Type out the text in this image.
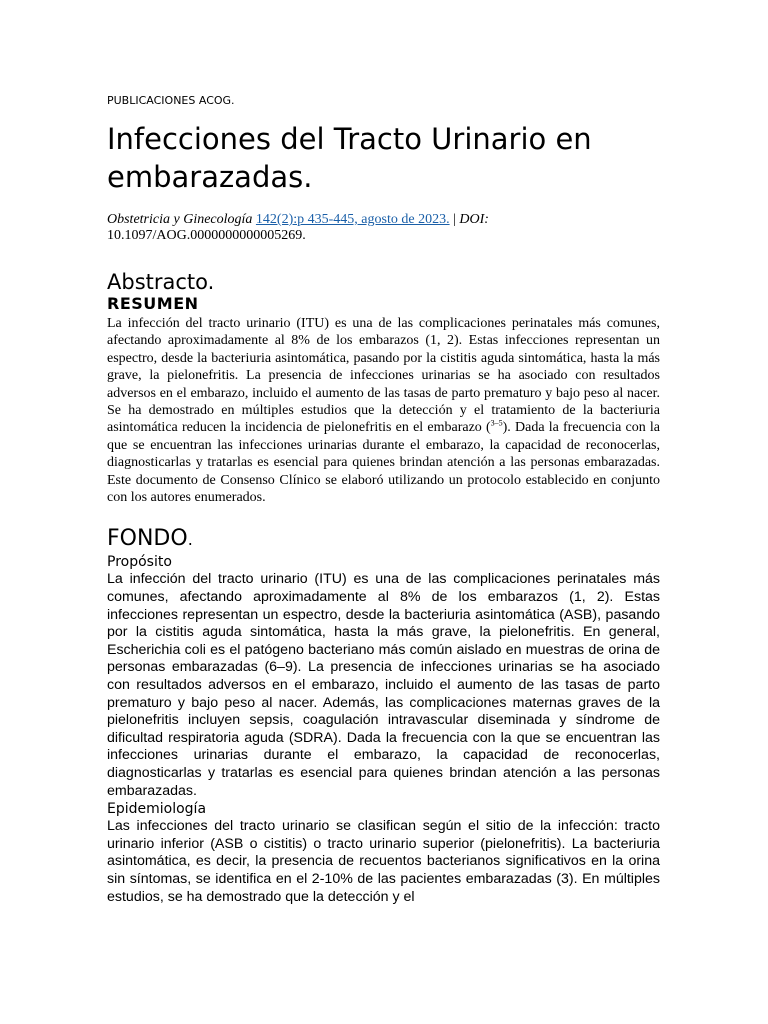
PUBLICACIONES ACOG.
Infecciones del Tracto Urinario en embarazadas.
Obstetricia y Ginecología 142(2):p 435-445, agosto de 2023. | DOI: 10.1097/AOG.0000000000005269.
Abstracto.
RESUMEN

La infección del tracto urinario (ITU) es una de las complicaciones perinatales más comunes, afectando aproximadamente al 8% de los embarazos (1, 2). Estas infecciones representan un espectro, desde la bacteriuria asintomática, pasando por la cistitis aguda sintomática, hasta la más grave, la pielonefritis. La presencia de infecciones urinarias se ha asociado con resultados adversos en el embarazo, incluido el aumento de las tasas de parto prematuro y bajo peso al nacer. Se ha demostrado en múltiples estudios que la detección y el tratamiento de la bacteriuria asintomática reducen la incidencia de pielonefritis en el embarazo ($^{3-5}$). Dada la frecuencia con la que se encuentran las infecciones urinarias durante el embarazo, la capacidad de reconocerlas, diagnosticarlas y tratarlas es esencial para quienes brindan atención a las personas embarazadas. Este documento de Consenso Clínico se elaboró utilizando un protocolo establecido en conjunto con los autores enumerados.

FONDO.
Propósito

La infección del tracto urinario (ITU) es una de las complicaciones perinatales más comunes, afectando aproximadamente al 8% de los embarazos (1, 2). Estas infecciones representan un espectro, desde la bacteriuria asintomática (ASB), pasando por la cistitis aguda sintomática, hasta la más grave, la pielonefritis. En general, Escherichia coli es el patógeno bacteriano más común aislado en muestras de orina de personas embarazadas (6–9). La presencia de infecciones urinarias se ha asociado con resultados adversos en el embarazo, incluido el aumento de las tasas de parto prematuro y bajo peso al nacer. Además, las complicaciones maternas graves de la pielonefritis incluyen sepsis, coagulación intravascular diseminada y síndrome de dificultad respiratoria aguda (SDRA). Dada la frecuencia con la que se encuentran las infecciones urinarias durante el embarazo, la capacidad de reconocerlas, diagnosticarlas y tratarlas es esencial para quienes brindan atención a las personas embarazadas.

Epidemiología

Las infecciones del tracto urinario se clasifican según el sitio de la infección: tracto urinario inferior (ASB o cistitis) o tracto urinario superior (pielonefritis). La bacteriuria asintomática, es decir, la presencia de recuentos bacterianos significativos en la orina sin síntomas, se identifica en el 2-10% de las pacientes embarazadas (3). En múltiples estudios, se ha demostrado que la detección y el
